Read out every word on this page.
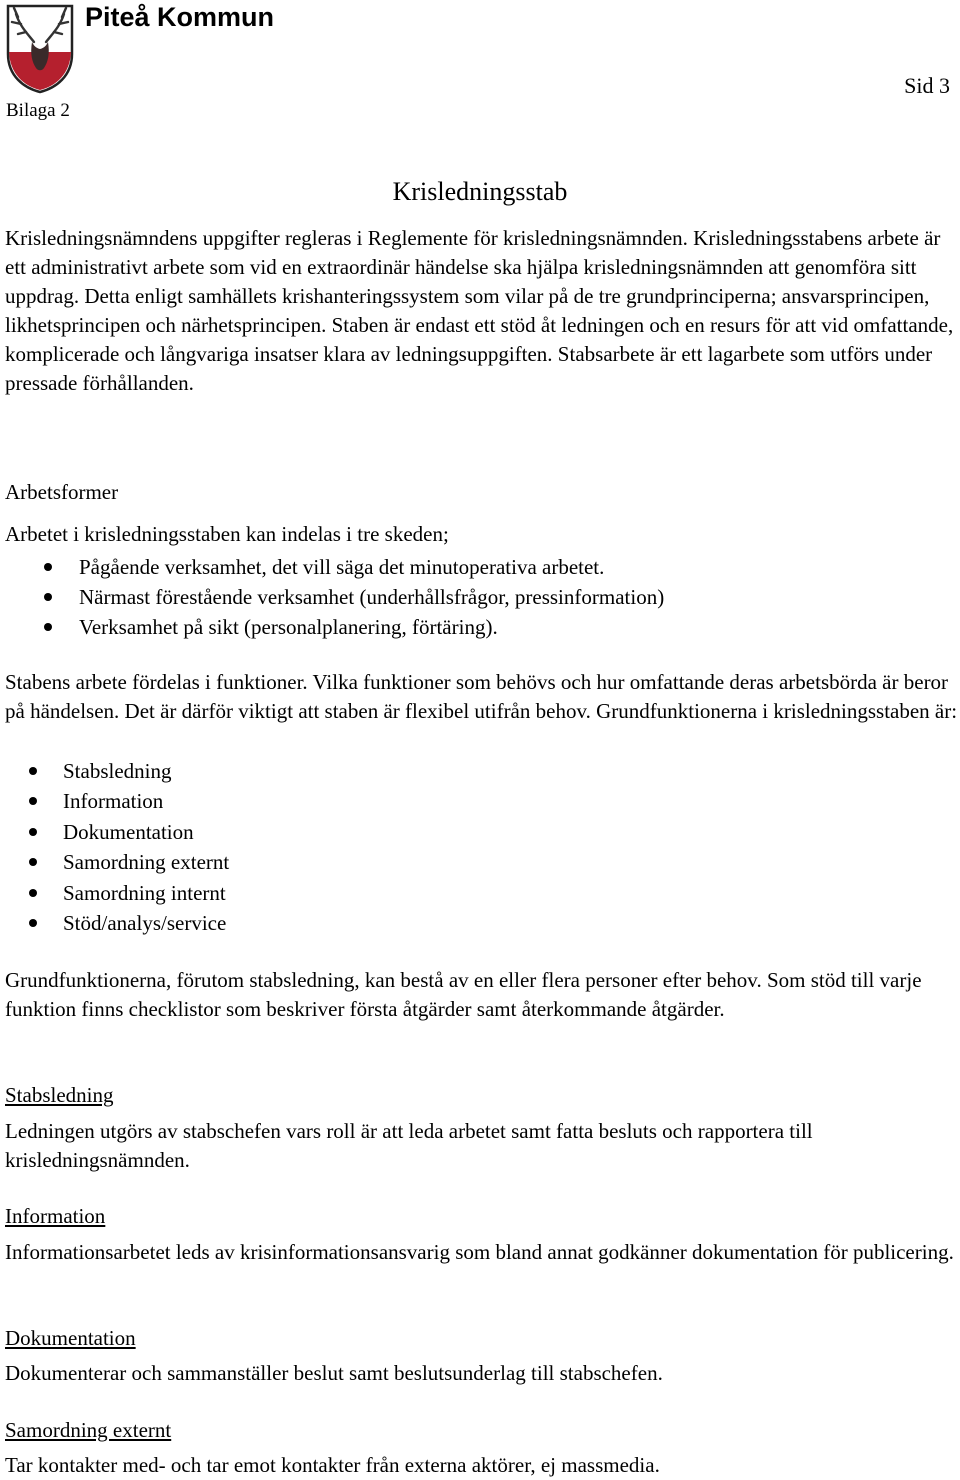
Piteå Kommun
Bilaga 2
Sid 3
Krisledningsstab

Krisledningsnämndens uppgifter regleras i Reglemente för krisledningsnämnden. Krisledningsstabens arbete är ett administrativt arbete som vid en extraordinär händelse ska hjälpa krisledningsnämnden att genomföra sitt uppdrag. Detta enligt samhällets krishanteringssystem som vilar på de tre grundprinciperna; ansvarsprincipen, likhetsprincipen och närhetsprincipen. Staben är endast ett stöd åt ledningen och en resurs för att vid omfattande, komplicerade och långvariga insatser klara av ledningsuppgiften. Stabsarbete är ett lagarbete som utförs under pressade förhållanden.

Arbetsformer
Arbetet i krisledningsstaben kan indelas i tre skeden;
Pågående verksamhet, det vill säga det minutoperativa arbetet.
Närmast förestående verksamhet (underhållsfrågor, pressinformation)
Verksamhet på sikt (personalplanering, förtäring).

Stabens arbete fördelas i funktioner. Vilka funktioner som behövs och hur omfattande deras arbetsbörda är beror på händelsen. Det är därför viktigt att staben är flexibel utifrån behov. Grundfunktionerna i krisledningsstaben är:

Stabsledning
Information
Dokumentation
Samordning externt
Samordning internt
Stöd/analys/service

Grundfunktionerna, förutom stabsledning, kan bestå av en eller flera personer efter behov. Som stöd till varje funktion finns checklistor som beskriver första åtgärder samt återkommande åtgärder.

Stabsledning

Ledningen utgörs av stabschefen vars roll är att leda arbetet samt fatta besluts och rapportera till krisledningsnämnden.

Information

Informationsarbetet leds av krisinformationsansvarig som bland annat godkänner dokumentation för publicering.

Dokumentation

Dokumenterar och sammanställer beslut samt beslutsunderlag till stabschefen.

Samordning externt

Tar kontakter med- och tar emot kontakter från externa aktörer, ej massmedia.
